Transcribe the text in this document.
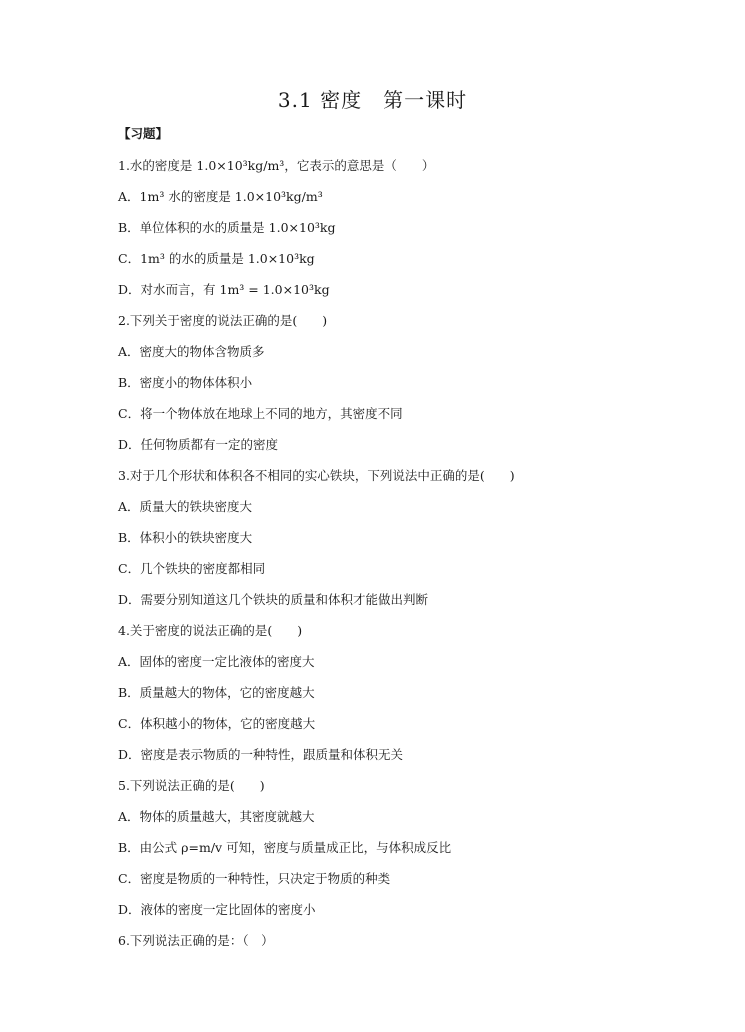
3.1 密度　第一课时
【习题】
1.水的密度是 1.0×10³kg/m³，它表示的意思是（　　）
A．1m³ 水的密度是 1.0×10³kg/m³
B．单位体积的水的质量是 1.0×10³kg
C．1m³ 的水的质量是 1.0×10³kg
D．对水而言，有 1m³ = 1.0×10³kg
2.下列关于密度的说法正确的是(　　)
A．密度大的物体含物质多
B．密度小的物体体积小
C．将一个物体放在地球上不同的地方，其密度不同
D．任何物质都有一定的密度
3.对于几个形状和体积各不相同的实心铁块，下列说法中正确的是(　　)
A．质量大的铁块密度大
B．体积小的铁块密度大
C．几个铁块的密度都相同
D．需要分别知道这几个铁块的质量和体积才能做出判断
4.关于密度的说法正确的是(　　)
A．固体的密度一定比液体的密度大
B．质量越大的物体，它的密度越大
C．体积越小的物体，它的密度越大
D．密度是表示物质的一种特性，跟质量和体积无关
5.下列说法正确的是(　　)
A．物体的质量越大，其密度就越大
B．由公式 ρ=m/v 可知，密度与质量成正比，与体积成反比
C．密度是物质的一种特性，只决定于物质的种类
D．液体的密度一定比固体的密度小
6.下列说法正确的是：（　）
